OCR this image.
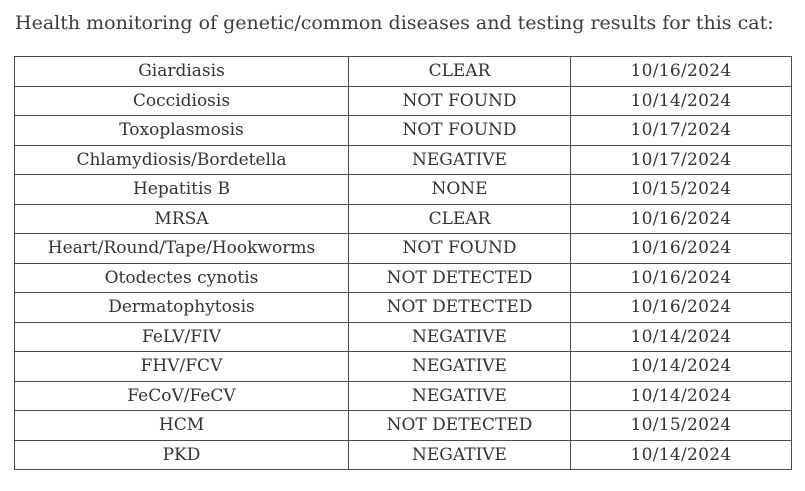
Health monitoring of genetic/common diseases and testing results for this cat:
Giardiasis	CLEAR	10/16/2024
Coccidiosis	NOT FOUND	10/14/2024
Toxoplasmosis	NOT FOUND	10/17/2024
Chlamydiosis/Bordetella	NEGATIVE	10/17/2024
Hepatitis B	NONE	10/15/2024
MRSA	CLEAR	10/16/2024
Heart/Round/Tape/Hookworms	NOT FOUND	10/16/2024
Otodectes cynotis	NOT DETECTED	10/16/2024
Dermatophytosis	NOT DETECTED	10/16/2024
FeLV/FIV	NEGATIVE	10/14/2024
FHV/FCV	NEGATIVE	10/14/2024
FeCoV/FeCV	NEGATIVE	10/14/2024
HCM	NOT DETECTED	10/15/2024
PKD	NEGATIVE	10/14/2024
